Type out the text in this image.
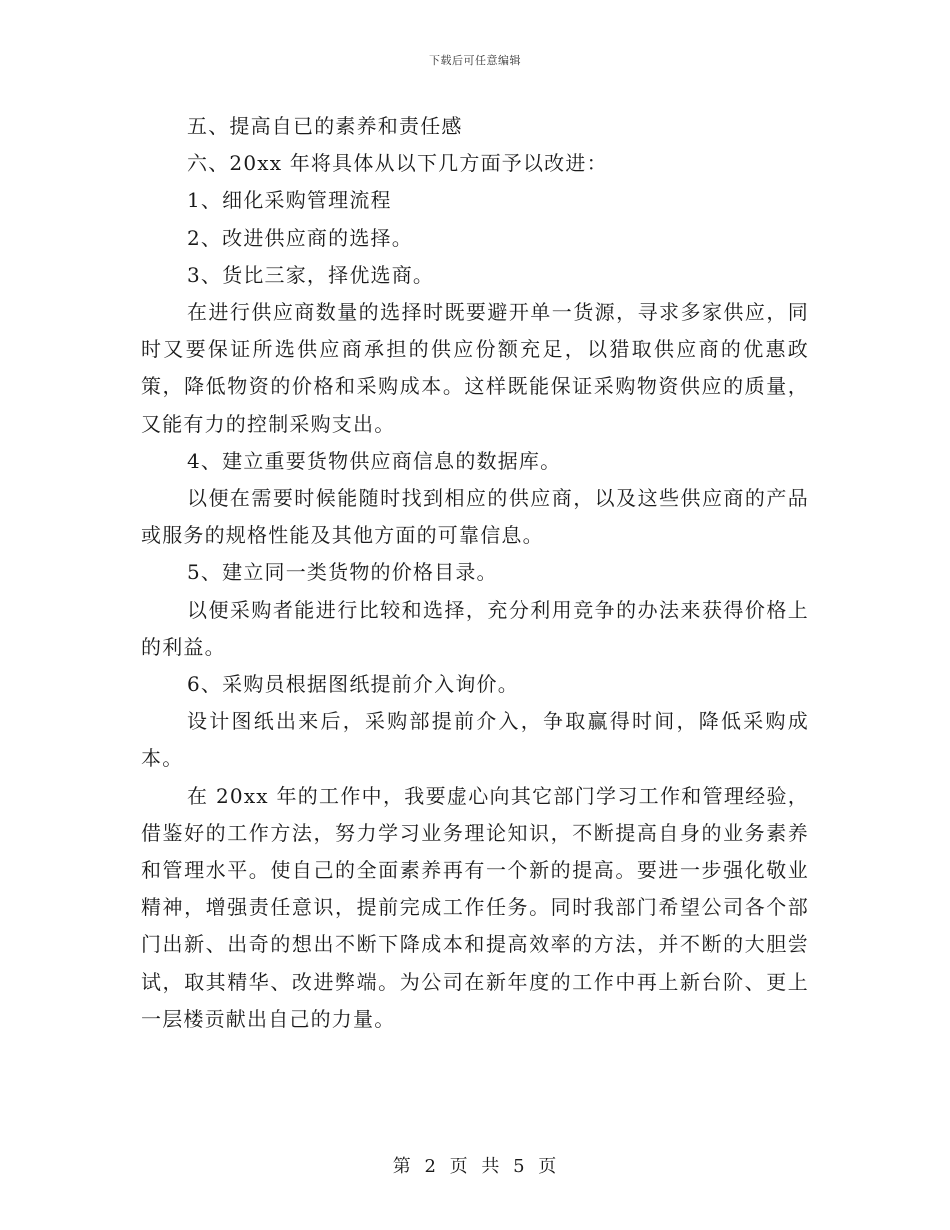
下载后可任意编辑

五、提高自已的素养和责任感

六、20xx 年将具体从以下几方面予以改进：

1、细化采购管理流程

2、改进供应商的选择。

3、货比三家，择优选商。

在进行供应商数量的选择时既要避开单一货源，寻求多家供应，同时又要保证所选供应商承担的供应份额充足，以猎取供应商的优惠政策，降低物资的价格和采购成本。这样既能保证采购物资供应的质量，又能有力的控制采购支出。

4、建立重要货物供应商信息的数据库。

以便在需要时候能随时找到相应的供应商，以及这些供应商的产品或服务的规格性能及其他方面的可靠信息。

5、建立同一类货物的价格目录。

以便采购者能进行比较和选择，充分利用竞争的办法来获得价格上的利益。

6、采购员根据图纸提前介入询价。

设计图纸出来后，采购部提前介入，争取赢得时间，降低采购成本。

在 20xx 年的工作中，我要虚心向其它部门学习工作和管理经验，借鉴好的工作方法，努力学习业务理论知识，不断提高自身的业务素养和管理水平。使自己的全面素养再有一个新的提高。要进一步强化敬业精神，增强责任意识，提前完成工作任务。同时我部门希望公司各个部门出新、出奇的想出不断下降成本和提高效率的方法，并不断的大胆尝试，取其精华、改进弊端。为公司在新年度的工作中再上新台阶、更上一层楼贡献出自己的力量。

第 2 页 共 5 页
